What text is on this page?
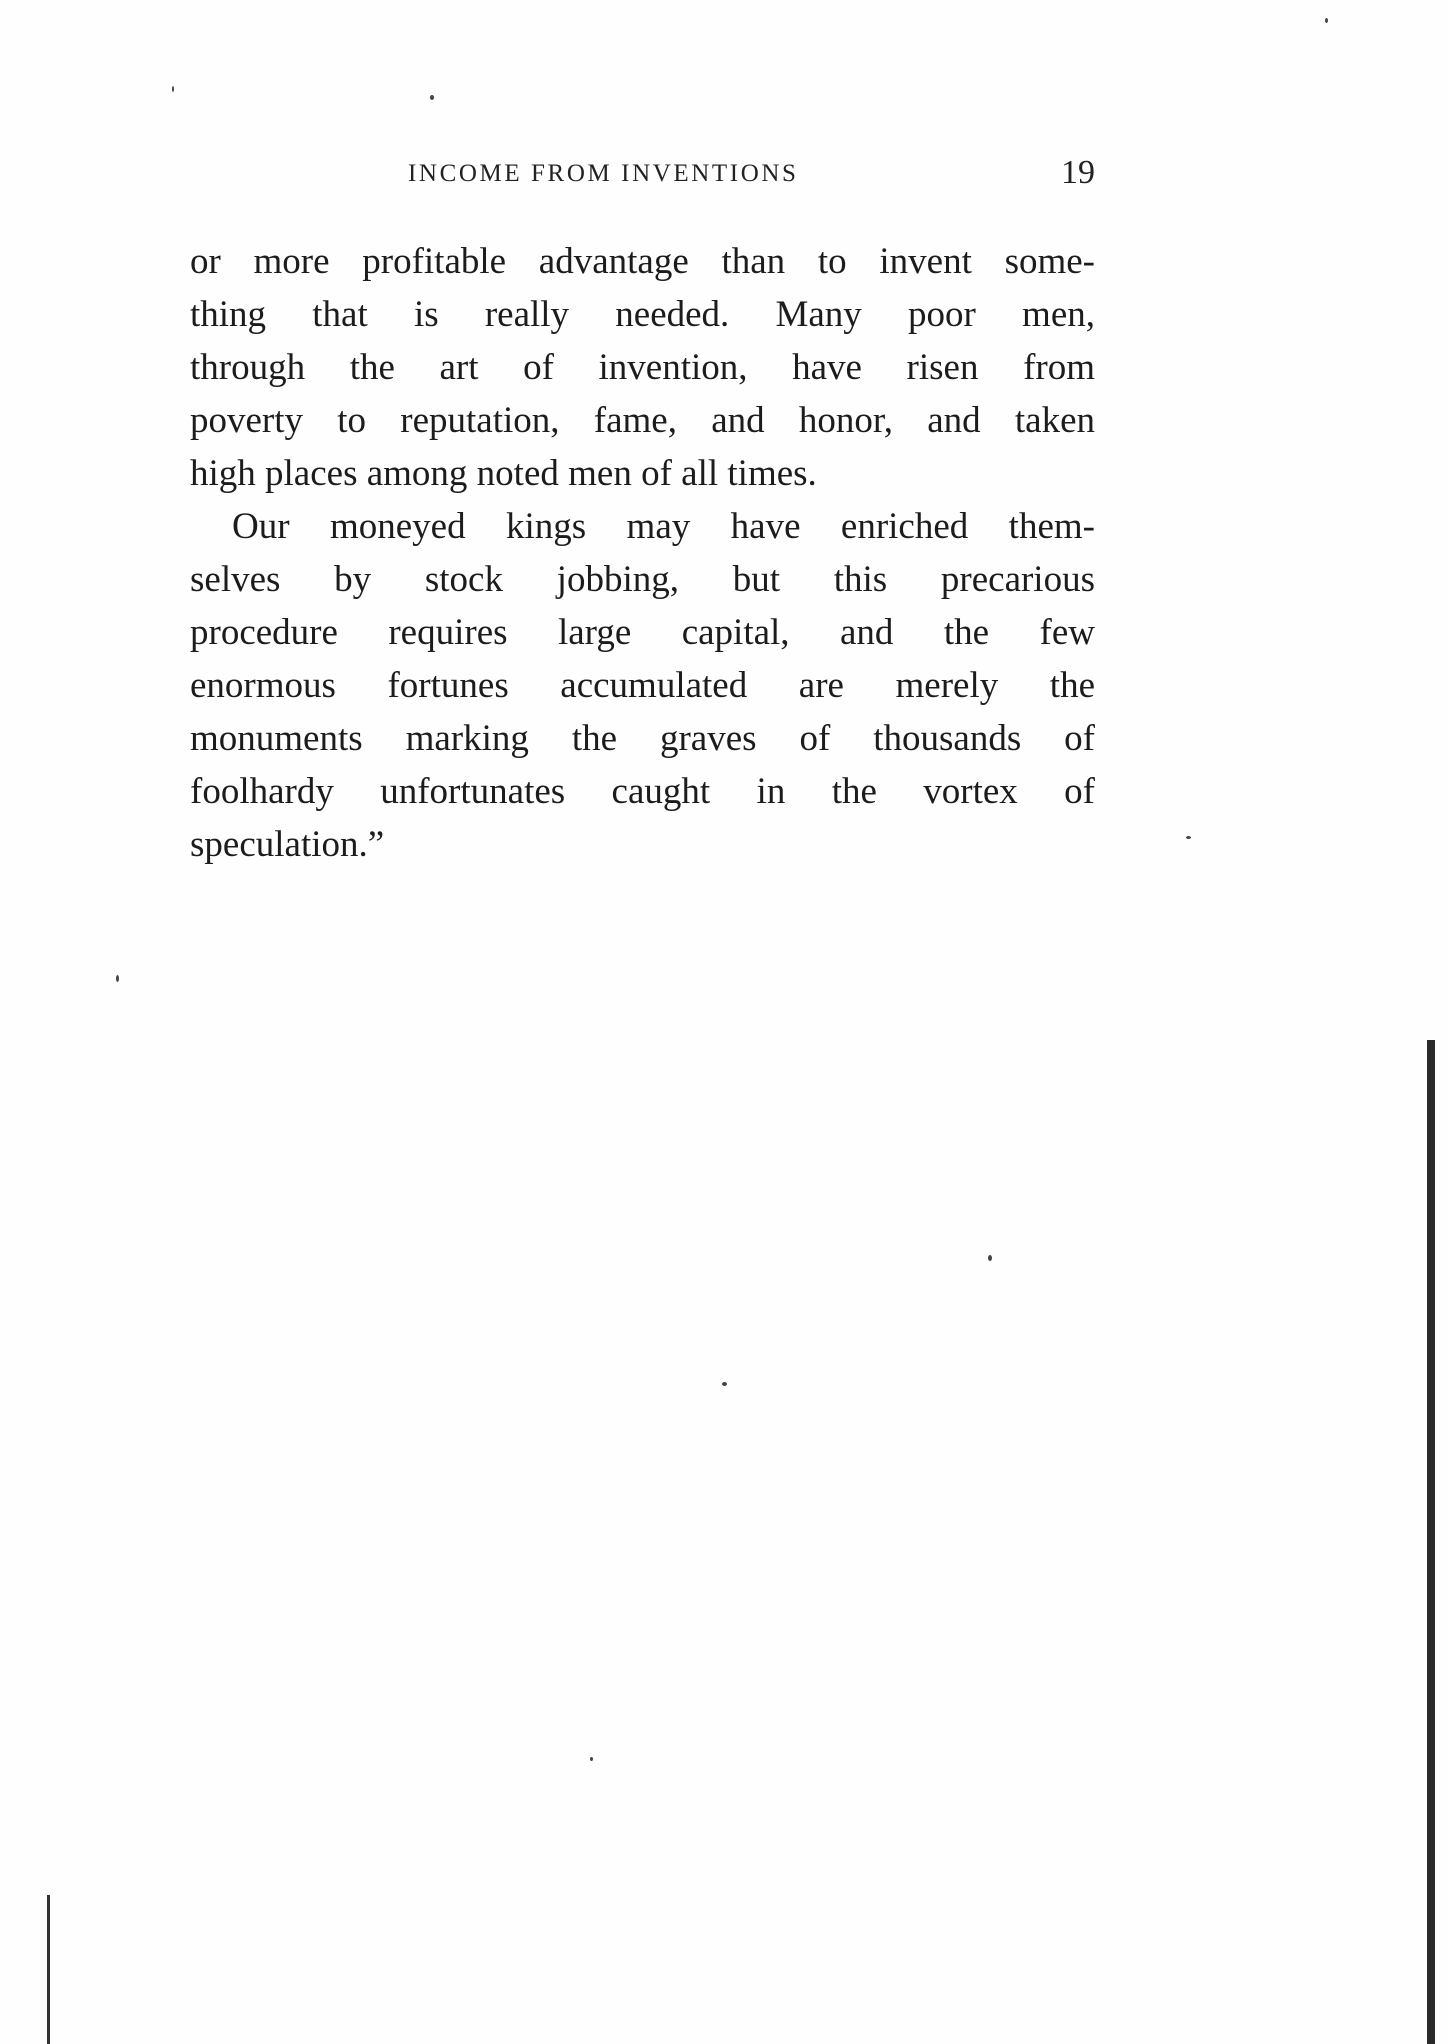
INCOME FROM INVENTIONS	19

or more profitable advantage than to invent some-
thing that is really needed. Many poor men,
through the art of invention, have risen from
poverty to reputation, fame, and honor, and taken
high places among noted men of all times.

Our moneyed kings may have enriched them-
selves by stock jobbing, but this precarious
procedure requires large capital, and the few
enormous fortunes accumulated are merely the
monuments marking the graves of thousands of
foolhardy unfortunates caught in the vortex of
speculation.”
